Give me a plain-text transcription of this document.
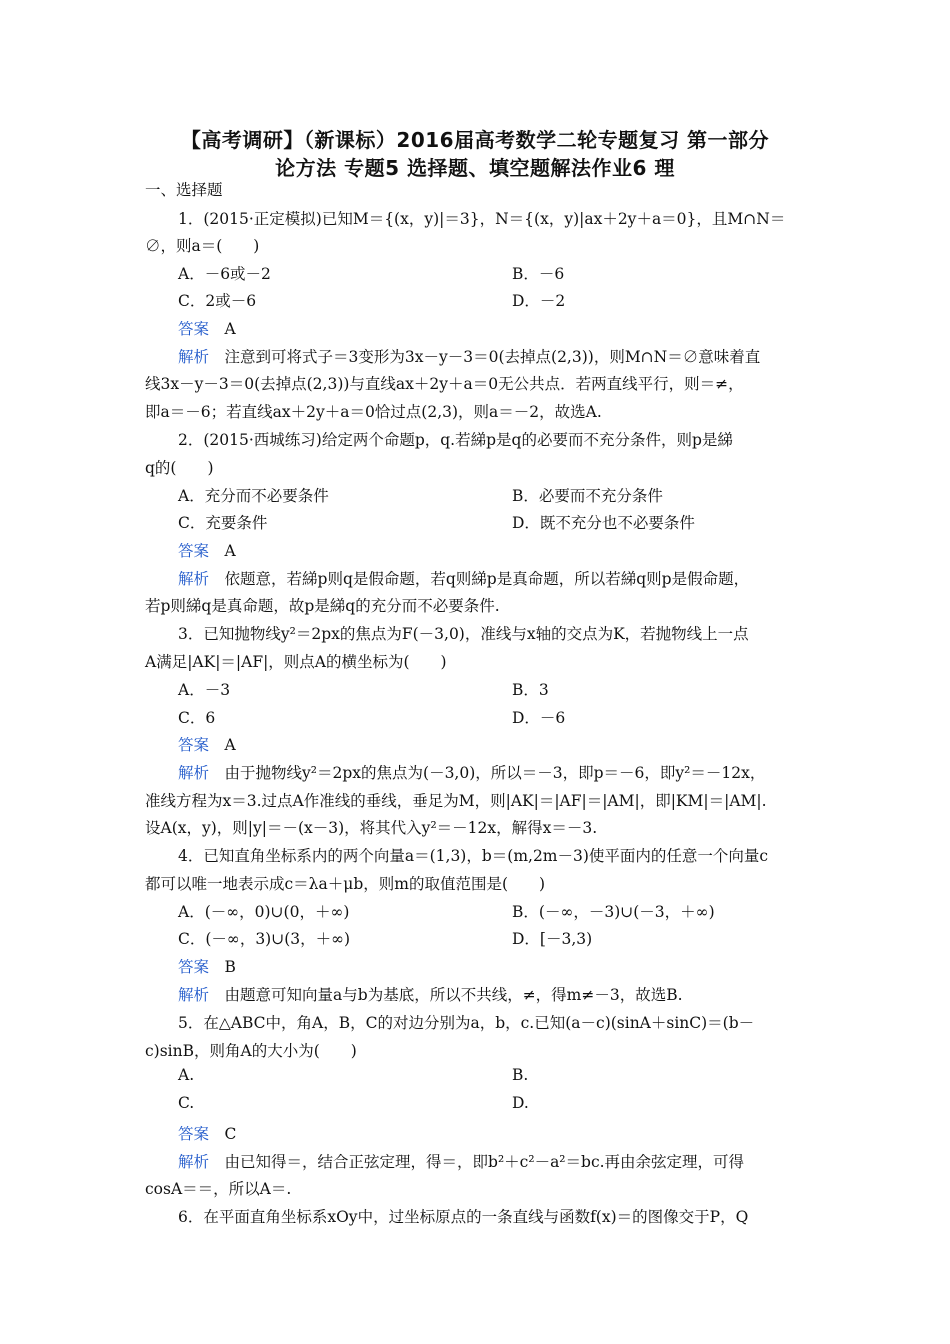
【高考调研】（新课标）2016届高考数学二轮专题复习 第一部分
论方法 专题5 选择题、填空题解法作业6 理
一、选择题
1．(2015·正定模拟)已知M＝{(x，y)|＝3}，N＝{(x，y)|ax＋2y＋a＝0}，且M∩N＝
∅，则a＝(　　)
A．－6或－2	B．－6
C．2或－6	D．－2
答案　 A
解析　 注意到可将式子＝3变形为3x－y－3＝0(去掉点(2,3))，则M∩N＝∅意味着直
线3x－y－3＝0(去掉点(2,3))与直线ax＋2y＋a＝0无公共点．若两直线平行，则＝≠，
即a＝－6；若直线ax＋2y＋a＝0恰过点(2,3)，则a＝－2，故选A.
2．(2015·西城练习)给定两个命题p，q.若綈p是q的必要而不充分条件，则p是綈
q的(　　)
A．充分而不必要条件	B．必要而不充分条件
C．充要条件	D．既不充分也不必要条件
答案　 A
解析　 依题意，若綈p则q是假命题，若q则綈p是真命题，所以若綈q则p是假命题，
若p则綈q是真命题，故p是綈q的充分而不必要条件.
3．已知抛物线y²＝2px的焦点为F(－3,0)，准线与x轴的交点为K，若抛物线上一点
A满足|AK|＝|AF|，则点A的横坐标为(　　)
A．－3	B．3
C．6	D．－6
答案　 A
解析　 由于抛物线y²＝2px的焦点为(－3,0)，所以＝－3，即p＝－6，即y²＝－12x，
准线方程为x＝3.过点A作准线的垂线，垂足为M，则|AK|＝|AF|＝|AM|，即|KM|＝|AM|.
设A(x，y)，则|y|＝－(x－3)，将其代入y²＝－12x，解得x＝－3.
4．已知直角坐标系内的两个向量a＝(1,3)，b＝(m,2m－3)使平面内的任意一个向量c
都可以唯一地表示成c＝λa＋μb，则m的取值范围是(　　)
A．(－∞，0)∪(0，＋∞)	B．(－∞，－3)∪(－3，＋∞)
C．(－∞，3)∪(3，＋∞)	D．[－3,3)
答案　 B
解析　 由题意可知向量a与b为基底，所以不共线，≠，得m≠－3，故选B.
5．在△ABC中，角A，B，C的对边分别为a，b，c.已知(a－c)(sinA＋sinC)＝(b－
c)sinB，则角A的大小为(　　)
A.	B.
C.	D.
答案　 C
解析　 由已知得＝，结合正弦定理，得＝，即b²＋c²－a²＝bc.再由余弦定理，可得
cosA＝＝，所以A＝.
6．在平面直角坐标系xOy中，过坐标原点的一条直线与函数f(x)＝的图像交于P，Q
